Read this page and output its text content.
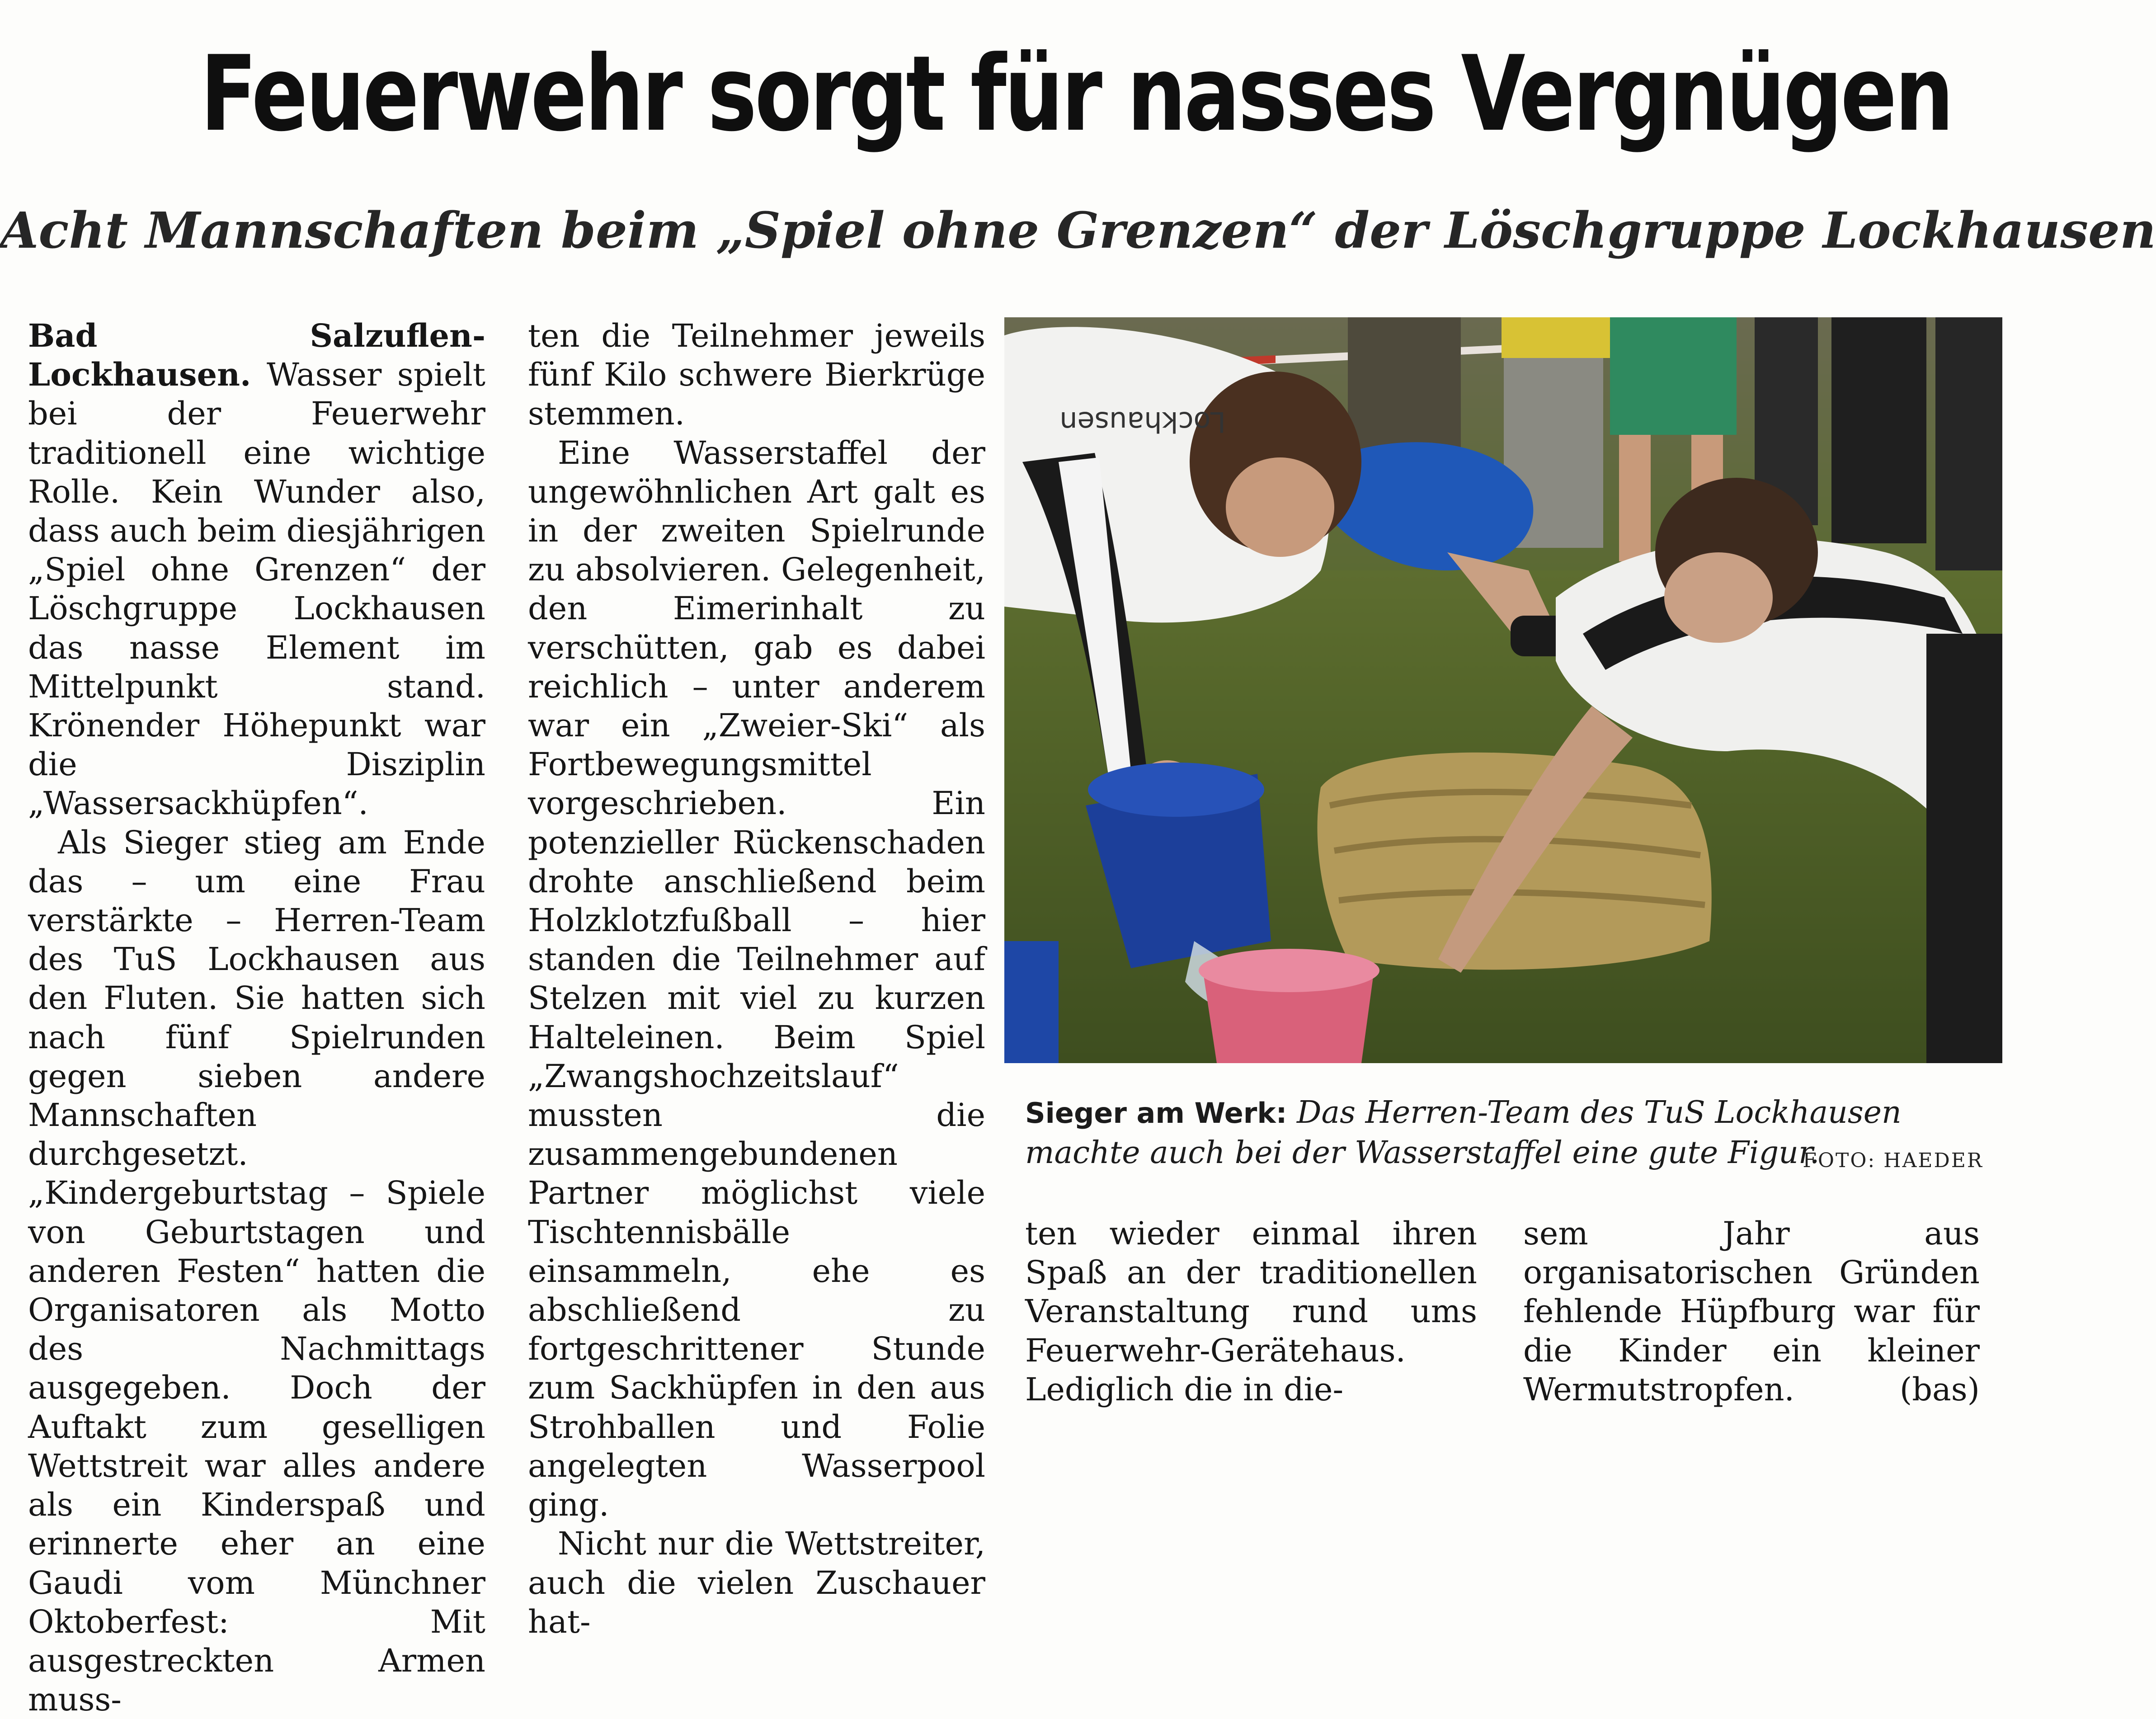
Feuerwehr sorgt für nasses Vergnügen
Acht Mannschaften beim „Spiel ohne Grenzen“ der Löschgruppe Lockhausen

Bad Salzuflen-Lockhausen. Wasser spielt bei der Feuerwehr traditionell eine wichtige Rolle. Kein Wunder also, dass auch beim diesjährigen „Spiel ohne Grenzen“ der Löschgruppe Lockhausen das nasse Element im Mittelpunkt stand. Krönender Höhepunkt war die Disziplin „Wassersackhüpfen“.

Als Sieger stieg am Ende das – um eine Frau verstärkte – Herren-Team des TuS Lockhausen aus den Fluten. Sie hatten sich nach fünf Spielrunden gegen sieben andere Mannschaften durchgesetzt. „Kindergeburtstag – Spiele von Geburtstagen und anderen Festen“ hatten die Organisatoren als Motto des Nachmittags ausgegeben. Doch der Auftakt zum geselligen Wettstreit war alles andere als ein Kinderspaß und erinnerte eher an eine Gaudi vom Münchner Oktoberfest: Mit ausgestreckten Armen muss-

ten die Teilnehmer jeweils fünf Kilo schwere Bierkrüge stemmen.

Eine Wasserstaffel der ungewöhnlichen Art galt es in der zweiten Spielrunde zu absolvieren. Gelegenheit, den Eimerinhalt zu verschütten, gab es dabei reichlich – unter anderem war ein „Zweier-Ski“ als Fortbewegungsmittel vorgeschrieben. Ein potenzieller Rückenschaden drohte anschließend beim Holzklotzfußball – hier standen die Teilnehmer auf Stelzen mit viel zu kurzen Halteleinen. Beim Spiel „Zwangshochzeitslauf“ mussten die zusammengebundenen Partner möglichst viele Tischtennisbälle einsammeln, ehe es abschließend zu fortgeschrittener Stunde zum Sackhüpfen in den aus Strohballen und Folie angelegten Wasserpool ging.

Nicht nur die Wettstreiter, auch die vielen Zuschauer hat-

Lockhausen
Sieger am Werk: Das Herren-Team des TuS Lockhausen machte auch bei der Wasserstaffel eine gute Figur.
FOTO: HAEDER

ten wieder einmal ihren Spaß an der traditionellen Veranstaltung rund ums Feuerwehr-Gerätehaus. Lediglich die in die-

sem Jahr aus organisatorischen Gründen fehlende Hüpfburg war für die Kinder ein kleiner Wermutstropfen.	(bas)
